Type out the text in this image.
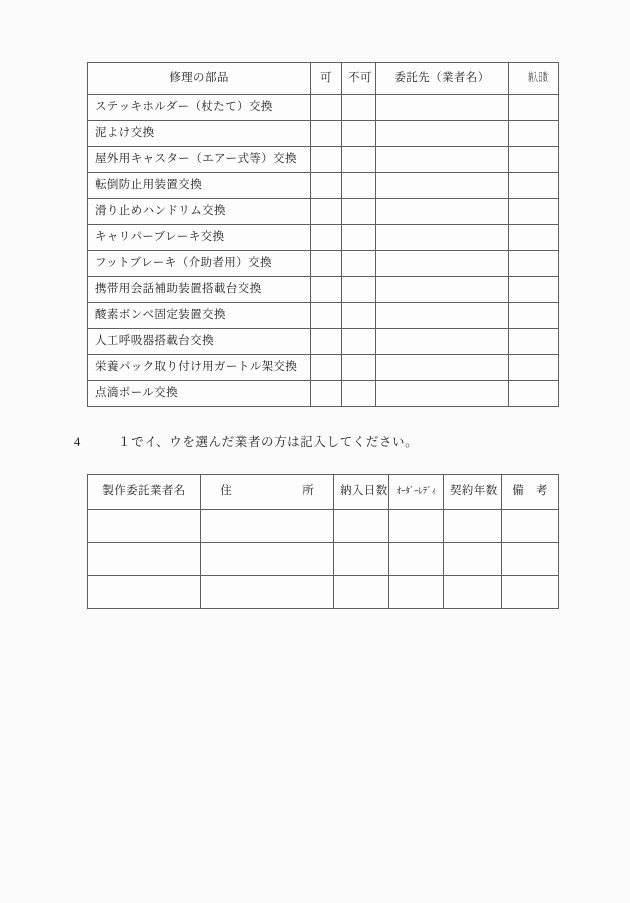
修理の部品	可	不可	委託先（業者名）	納入日数
ステッキホルダー（杖たて）交換				
泥よけ交換				
屋外用キャスター（エアー式等）交換				
転倒防止用装置交換				
滑り止めハンドリム交換				
キャリパーブレーキ交換				
フットブレーキ（介助者用）交換				
携帯用会話補助装置搭載台交換				
酸素ボンベ固定装置交換				
人工呼吸器搭載台交換				
栄養パック取り付け用ガートル架交換				
点滴ポール交換				
4	１でイ、ウを選んだ業者の方は記入してください。
製作委託業者名	住　　　所	納入日数	ｵｰﾀﾞｰﾚﾃﾞｨ	契約年数	備　考
